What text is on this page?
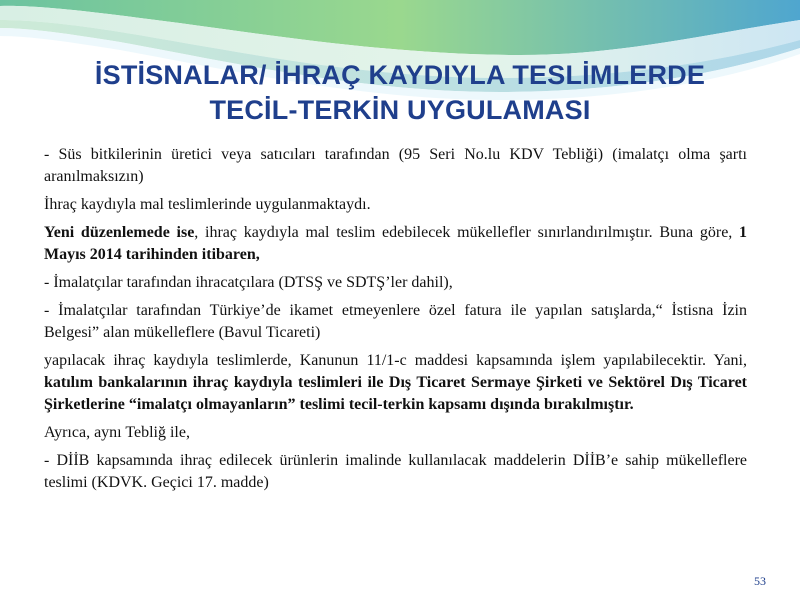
İSTİSNALAR/ İHRAÇ KAYDIYLA TESLİMLERDE
TECİL-TERKİN UYGULAMASI

- Süs bitkilerinin üretici veya satıcıları tarafından (95 Seri No.lu KDV Tebliği) (imalatçı olma şartı aranılmaksızın)

İhraç kaydıyla mal teslimlerinde uygulanmaktaydı.

Yeni düzenlemede ise, ihraç kaydıyla mal teslim edebilecek mükellefler sınırlandırılmıştır. Buna göre, 1 Mayıs 2014 tarihinden itibaren,

- İmalatçılar tarafından ihracatçılara (DTSŞ ve SDTŞ’ler dahil),

- İmalatçılar tarafından Türkiye’de ikamet etmeyenlere özel fatura ile yapılan satışlarda,“ İstisna İzin Belgesi” alan mükelleflere (Bavul Ticareti)

yapılacak ihraç kaydıyla teslimlerde, Kanunun 11/1-c maddesi kapsamında işlem yapılabilecektir. Yani, katılım bankalarının ihraç kaydıyla teslimleri ile Dış Ticaret Sermaye Şirketi ve Sektörel Dış Ticaret Şirketlerine “imalatçı olmayanların” teslimi tecil-terkin kapsamı dışında bırakılmıştır.

Ayrıca, aynı Tebliğ ile,

- DİİB kapsamında ihraç edilecek ürünlerin imalinde kullanılacak maddelerin DİİB’e sahip mükelleflere teslimi (KDVK. Geçici 17. madde)

53
